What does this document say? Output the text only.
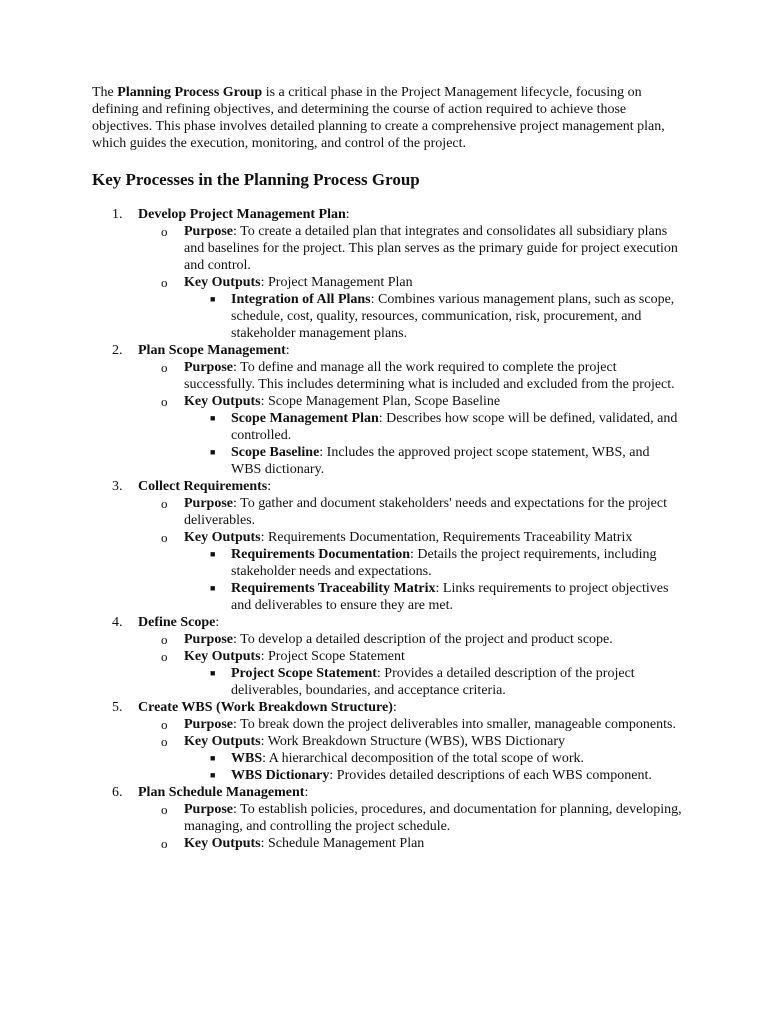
The Planning Process Group is a critical phase in the Project Management lifecycle, focusing on defining and refining objectives, and determining the course of action required to achieve those objectives. This phase involves detailed planning to create a comprehensive project management plan, which guides the execution, monitoring, and control of the project.

Key Processes in the Planning Process Group
1. Develop Project Management Plan:
o Purpose: To create a detailed plan that integrates and consolidates all subsidiary plans and baselines for the project. This plan serves as the primary guide for project execution and control.
o Key Outputs: Project Management Plan
■ Integration of All Plans: Combines various management plans, such as scope, schedule, cost, quality, resources, communication, risk, procurement, and stakeholder management plans.
2. Plan Scope Management:
o Purpose: To define and manage all the work required to complete the project successfully. This includes determining what is included and excluded from the project.
o Key Outputs: Scope Management Plan, Scope Baseline
■ Scope Management Plan: Describes how scope will be defined, validated, and controlled.
■ Scope Baseline: Includes the approved project scope statement, WBS, and WBS dictionary.
3. Collect Requirements:
o Purpose: To gather and document stakeholders' needs and expectations for the project deliverables.
o Key Outputs: Requirements Documentation, Requirements Traceability Matrix
■ Requirements Documentation: Details the project requirements, including stakeholder needs and expectations.
■ Requirements Traceability Matrix: Links requirements to project objectives and deliverables to ensure they are met.
4. Define Scope:
o Purpose: To develop a detailed description of the project and product scope.
o Key Outputs: Project Scope Statement
■ Project Scope Statement: Provides a detailed description of the project deliverables, boundaries, and acceptance criteria.
5. Create WBS (Work Breakdown Structure):
o Purpose: To break down the project deliverables into smaller, manageable components.
o Key Outputs: Work Breakdown Structure (WBS), WBS Dictionary
■ WBS: A hierarchical decomposition of the total scope of work.
■ WBS Dictionary: Provides detailed descriptions of each WBS component.
6. Plan Schedule Management:
o Purpose: To establish policies, procedures, and documentation for planning, developing, managing, and controlling the project schedule.
o Key Outputs: Schedule Management Plan
